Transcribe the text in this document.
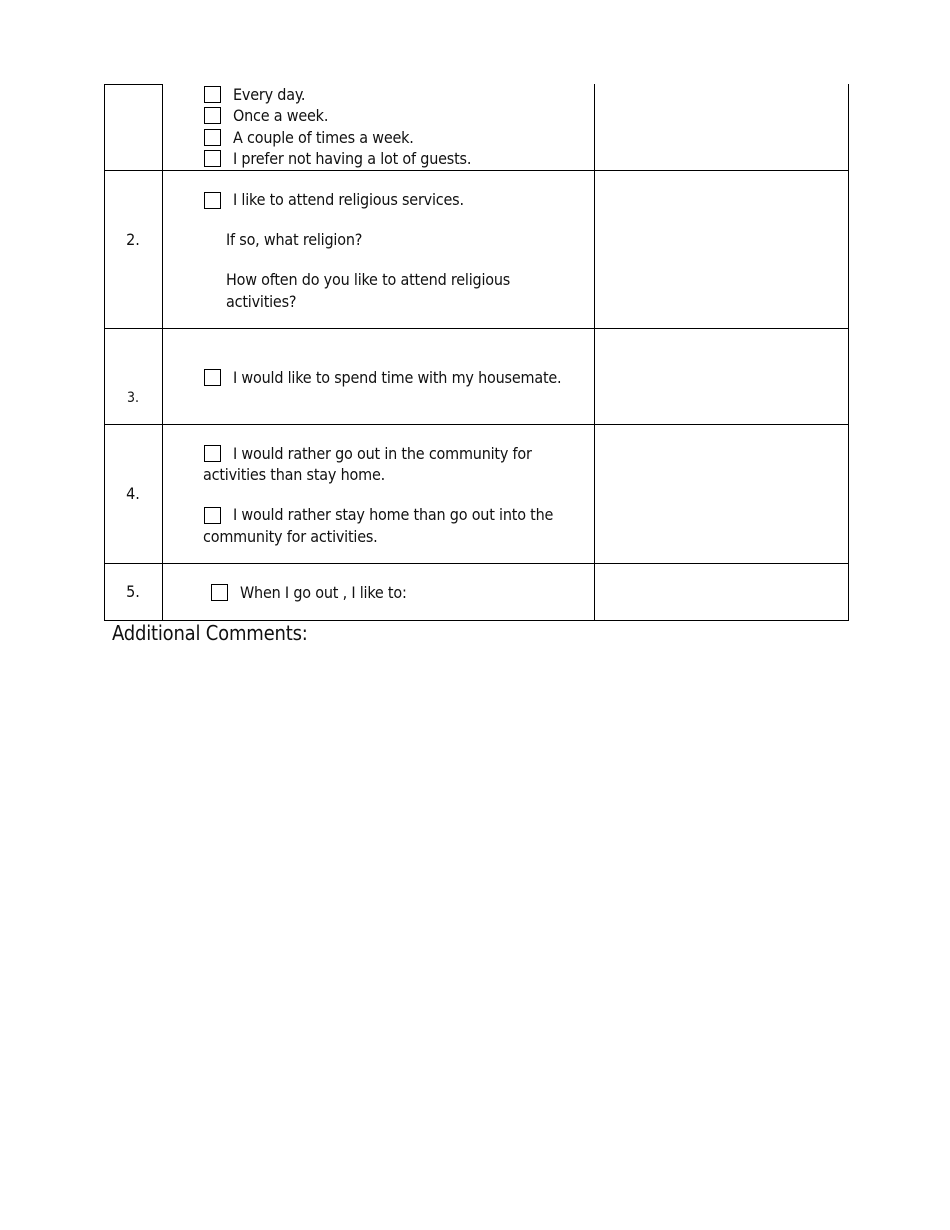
Every day.
Once a week.
A couple of times a week.
I prefer not having a lot of guests.
2.
I like to attend religious services.
If so, what religion?
How often do you like to attend religious
activities?
3.
I would like to spend time with my housemate.
4.
I would rather go out in the community for
activities than stay home.
I would rather stay home than go out into the
community for activities.
5.	When I go out , I like to:
Additional Comments:
